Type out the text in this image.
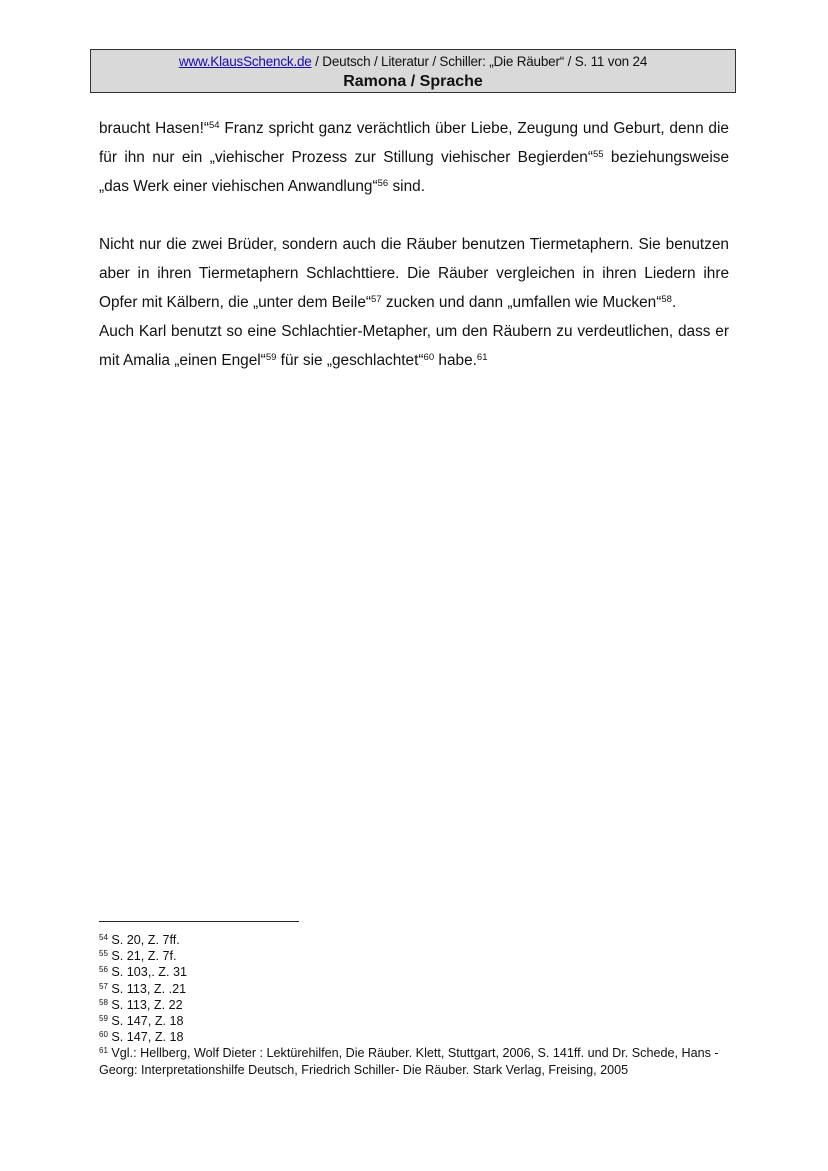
www.KlausSchenck.de / Deutsch / Literatur / Schiller: „Die Räuber“ / S. 11 von 24
Ramona / Sprache

braucht Hasen!“$^{54}$ Franz spricht ganz verächtlich über Liebe, Zeugung und Geburt, denn die für ihn nur ein „viehischer Prozess zur Stillung viehischer Begierden“$^{55}$ beziehungsweise „das Werk einer viehischen Anwandlung“$^{56}$ sind.

Nicht nur die zwei Brüder, sondern auch die Räuber benutzen Tiermetaphern. Sie benutzen aber in ihren Tiermetaphern Schlachttiere. Die Räuber vergleichen in ihren Liedern ihre Opfer mit Kälbern, die „unter dem Beile“$^{57}$ zucken und dann „umfallen wie Mucken“$^{58}$.

Auch Karl benutzt so eine Schlachtier-Metapher, um den Räubern zu verdeutlichen, dass er mit Amalia „einen Engel“$^{59}$ für sie „geschlachtet“$^{60}$ habe.$^{61}$

$^{54}$ S. 20, Z. 7ff.
$^{55}$ S. 21, Z. 7f.
$^{56}$ S. 103,. Z. 31
$^{57}$ S. 113, Z. .21
$^{58}$ S. 113, Z. 22
$^{59}$ S. 147, Z. 18
$^{60}$ S. 147, Z. 18
$^{61}$ Vgl.: Hellberg, Wolf Dieter : Lektürehilfen, Die Räuber. Klett, Stuttgart, 2006, S. 141ff. und Dr. Schede, Hans - Georg: Interpretationshilfe Deutsch, Friedrich Schiller- Die Räuber. Stark Verlag, Freising, 2005
